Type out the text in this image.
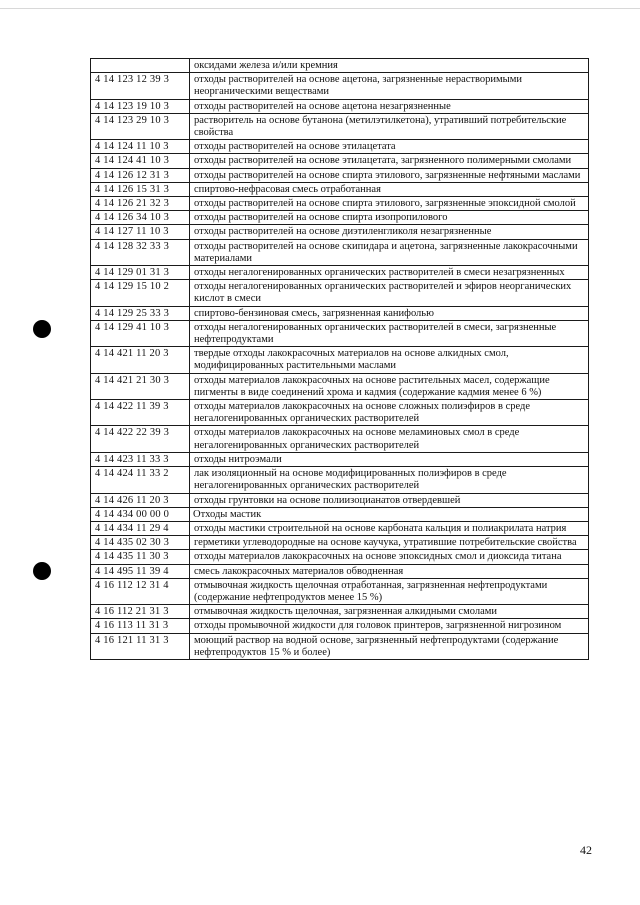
	оксидами железа и/или кремния
4 14 123 12 39 3	отходы растворителей на основе ацетона, загрязненные нерастворимыми неорганическими веществами
4 14 123 19 10 3	отходы растворителей на основе ацетона незагрязненные
4 14 123 29 10 3	растворитель на основе бутанона (метилэтилкетона), утративший потребительские свойства
4 14 124 11 10 3	отходы растворителей на основе этилацетата
4 14 124 41 10 3	отходы растворителей на основе этилацетата, загрязненного полимерными смолами
4 14 126 12 31 3	отходы растворителей на основе спирта этилового, загрязненные нефтяными маслами
4 14 126 15 31 3	спиртово-нефрасовая смесь отработанная
4 14 126 21 32 3	отходы растворителей на основе спирта этилового, загрязненные эпоксидной смолой
4 14 126 34 10 3	отходы растворителей на основе спирта изопропилового
4 14 127 11 10 3	отходы растворителей на основе диэтиленгликоля незагрязненные
4 14 128 32 33 3	отходы растворителей на основе скипидара и ацетона, загрязненные лакокрасочными материалами
4 14 129 01 31 3	отходы негалогенированных органических растворителей в смеси незагрязненных
4 14 129 15 10 2	отходы негалогенированных органических растворителей и эфиров неорганических кислот в смеси
4 14 129 25 33 3	спиртово-бензиновая смесь, загрязненная канифолью
4 14 129 41 10 3	отходы негалогенированных органических растворителей в смеси, загрязненные нефтепродуктами
4 14 421 11 20 3	твердые отходы лакокрасочных материалов на основе алкидных смол, модифицированных растительными маслами
4 14 421 21 30 3	отходы материалов лакокрасочных на основе растительных масел, содержащие пигменты в виде соединений хрома и кадмия (содержание кадмия менее 6 %)
4 14 422 11 39 3	отходы материалов лакокрасочных на основе сложных полиэфиров в среде негалогенированных органических растворителей
4 14 422 22 39 3	отходы материалов лакокрасочных на основе меламиновых смол в среде негалогенированных органических растворителей
4 14 423 11 33 3	отходы нитроэмали
4 14 424 11 33 2	лак изоляционный на основе модифицированных полиэфиров в среде негалогенированных органических растворителей
4 14 426 11 20 3	отходы грунтовки на основе полиизоцианатов отвердевшей
4 14 434 00 00 0	Отходы мастик
4 14 434 11 29 4	отходы мастики строительной на основе карбоната кальция и полиакрилата натрия
4 14 435 02 30 3	герметики углеводородные на основе каучука, утратившие потребительские свойства
4 14 435 11 30 3	отходы материалов лакокрасочных на основе эпоксидных смол и диоксида титана
4 14 495 11 39 4	смесь лакокрасочных материалов обводненная
4 16 112 12 31 4	отмывочная жидкость щелочная отработанная, загрязненная нефтепродуктами (содержание нефтепродуктов менее 15 %)
4 16 112 21 31 3	отмывочная жидкость щелочная, загрязненная алкидными смолами
4 16 113 11 31 3	отходы промывочной жидкости для головок принтеров, загрязненной нигрозином
4 16 121 11 31 3	моющий раствор на водной основе, загрязненный нефтепродуктами (содержание нефтепродуктов 15 % и более)
42
